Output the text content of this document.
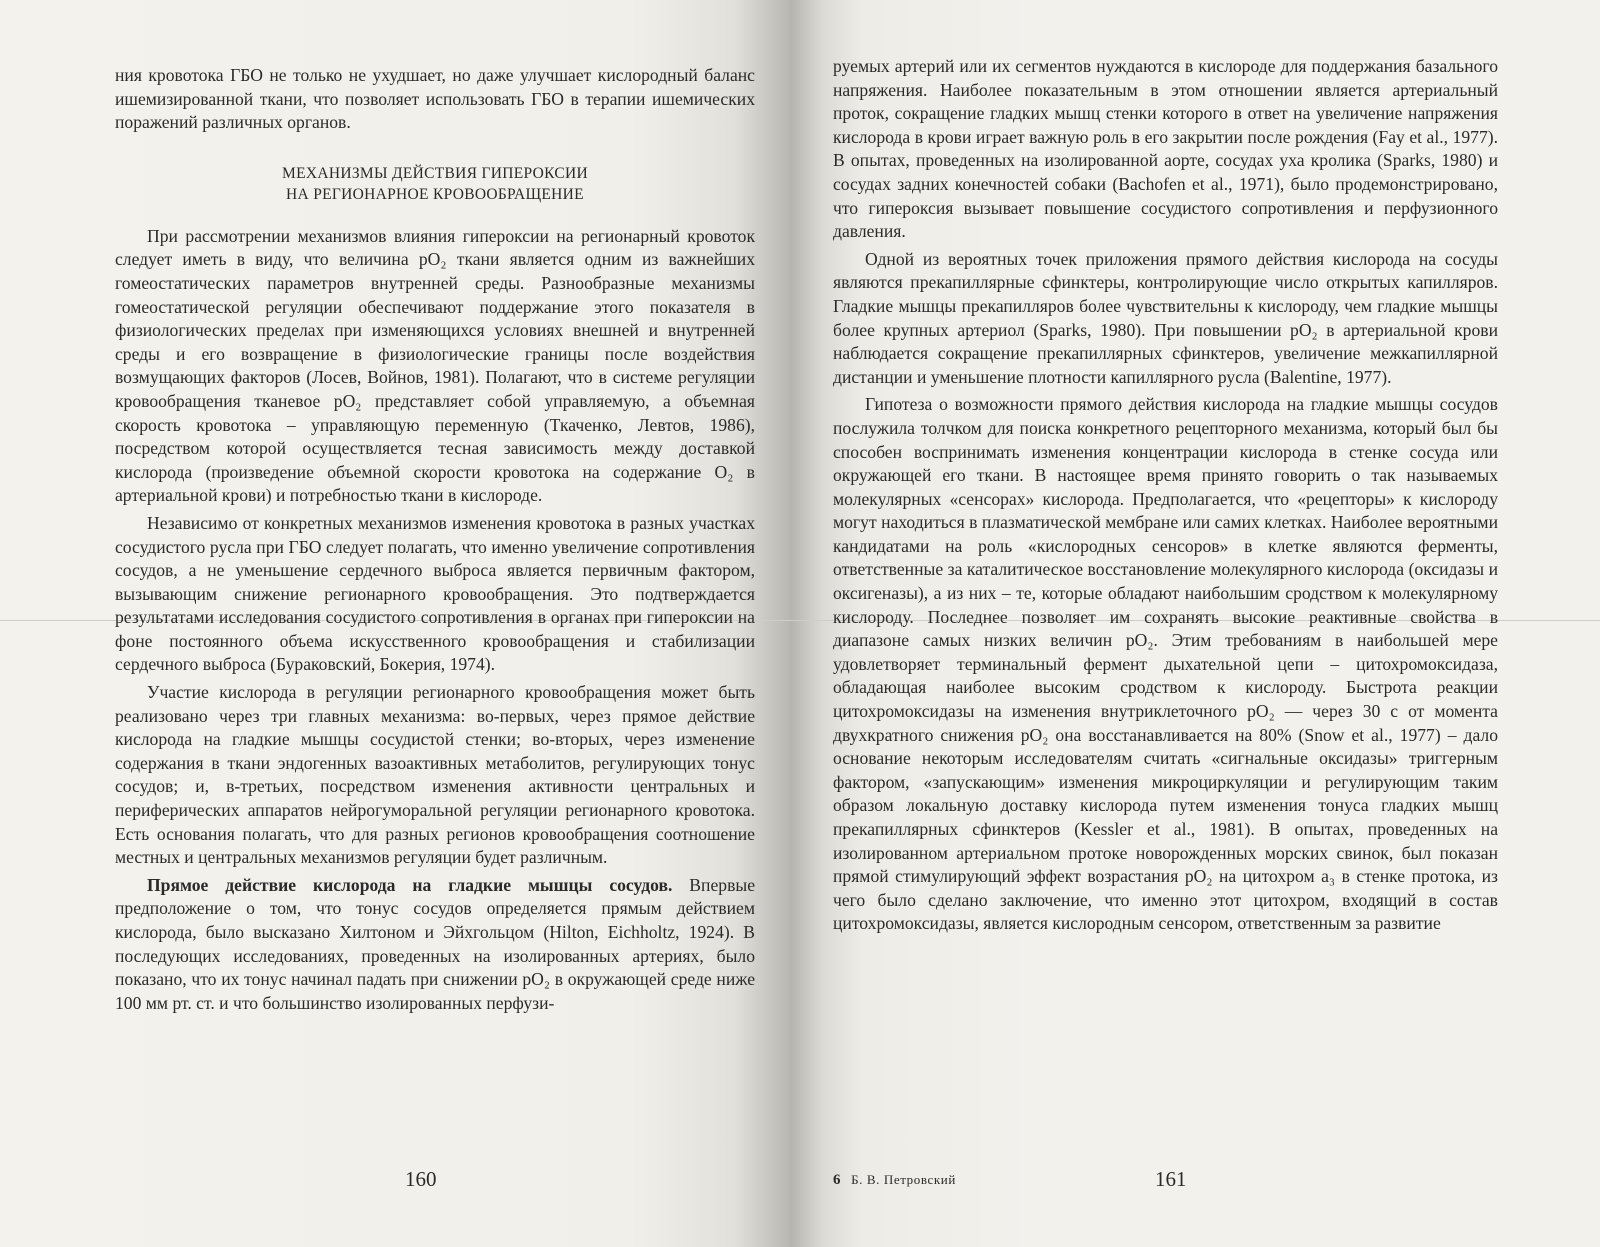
ния кровотока ГБО не только не ухудшает, но даже улучшает кислородный баланс ишемизированной ткани, что позволяет использовать ГБО в терапии ишемических поражений различных органов.

МЕХАНИЗМЫ ДЕЙСТВИЯ ГИПЕРОКСИИ
НА РЕГИОНАРНОЕ КРОВООБРАЩЕНИЕ

При рассмотрении механизмов влияния гипероксии на регионарный кровоток следует иметь в виду, что величина pO₂ ткани является одним из важнейших гомеостатических параметров внутренней среды. Разнообразные механизмы гомеостатической регуляции обеспечивают поддержание этого показателя в физиологических пределах при изменяющихся условиях внешней и внутренней среды и его возвращение в физиологические границы после воздействия возмущающих факторов (Лосев, Войнов, 1981). Полагают, что в системе регуляции кровообращения тканевое pO₂ представляет собой управляемую, а объемная скорость кровотока – управляющую переменную (Ткаченко, Левтов, 1986), посредством которой осуществляется тесная зависимость между доставкой кислорода (произведение объемной скорости кровотока на содержание O₂ в артериальной крови) и потребностью ткани в кислороде.

Независимо от конкретных механизмов изменения кровотока в разных участках сосудистого русла при ГБО следует полагать, что именно увеличение сопротивления сосудов, а не уменьшение сердечного выброса является первичным фактором, вызывающим снижение регионарного кровообращения. Это подтверждается результатами исследования сосудистого сопротивления в органах при гипероксии на фоне постоянного объема искусственного кровообращения и стабилизации сердечного выброса (Бураковский, Бокерия, 1974).

Участие кислорода в регуляции регионарного кровообращения может быть реализовано через три главных механизма: во-первых, через прямое действие кислорода на гладкие мышцы сосудистой стенки; во-вторых, через изменение содержания в ткани эндогенных вазоактивных метаболитов, регулирующих тонус сосудов; и, в-третьих, посредством изменения активности центральных и периферических аппаратов нейрогуморальной регуляции регионарного кровотока. Есть основания полагать, что для разных регионов кровообращения соотношение местных и центральных механизмов регуляции будет различным.

Прямое действие кислорода на гладкие мышцы сосудов. Впервые предположение о том, что тонус сосудов определяется прямым действием кислорода, было высказано Хилтоном и Эйхгольцом (Hilton, Eichholtz, 1924). В последующих исследованиях, проведенных на изолированных артериях, было показано, что их тонус начинал падать при снижении pO₂ в окружающей среде ниже 100 мм рт. ст. и что большинство изолированных перфузи-

160

руемых артерий или их сегментов нуждаются в кислороде для поддержания базального напряжения. Наиболее показательным в этом отношении является артериальный проток, сокращение гладких мышц стенки которого в ответ на увеличение напряжения кислорода в крови играет важную роль в его закрытии после рождения (Fay et al., 1977). В опытах, проведенных на изолированной аорте, сосудах уха кролика (Sparks, 1980) и сосудах задних конечностей собаки (Bachofen et al., 1971), было продемонстрировано, что гипероксия вызывает повышение сосудистого сопротивления и перфузионного давления.

Одной из вероятных точек приложения прямого действия кислорода на сосуды являются прекапиллярные сфинктеры, контролирующие число открытых капилляров. Гладкие мышцы прекапилляров более чувствительны к кислороду, чем гладкие мышцы более крупных артериол (Sparks, 1980). При повышении pO₂ в артериальной крови наблюдается сокращение прекапиллярных сфинктеров, увеличение межкапиллярной дистанции и уменьшение плотности капиллярного русла (Balentine, 1977).

Гипотеза о возможности прямого действия кислорода на гладкие мышцы сосудов послужила толчком для поиска конкретного рецепторного механизма, который был бы способен воспринимать изменения концентрации кислорода в стенке сосуда или окружающей его ткани. В настоящее время принято говорить о так называемых молекулярных «сенсорах» кислорода. Предполагается, что «рецепторы» к кислороду могут находиться в плазматической мембране или самих клетках. Наиболее вероятными кандидатами на роль «кислородных сенсоров» в клетке являются ферменты, ответственные за каталитическое восстановление молекулярного кислорода (оксидазы и оксигеназы), а из них – те, которые обладают наибольшим сродством к молекулярному кислороду. Последнее позволяет им сохранять высокие реактивные свойства в диапазоне самых низких величин pO₂. Этим требованиям в наибольшей мере удовлетворяет терминальный фермент дыхательной цепи – цитохромоксидаза, обладающая наиболее высоким сродством к кислороду. Быстрота реакции цитохромоксидазы на изменения внутриклеточного pO₂ — через 30 с от момента двухкратного снижения pO₂ она восстанавливается на 80% (Snow et al., 1977) – дало основание некоторым исследователям считать «сигнальные оксидазы» триггерным фактором, «запускающим» изменения микроциркуляции и регулирующим таким образом локальную доставку кислорода путем изменения тонуса гладких мышц прекапиллярных сфинктеров (Kessler et al., 1981). В опытах, проведенных на изолированном артериальном протоке новорожденных морских свинок, был показан прямой стимулирующий эффект возрастания pO₂ на цитохром a₃ в стенке протока, из чего было сделано заключение, что именно этот цитохром, входящий в состав цитохромоксидазы, является кислородным сенсором, ответственным за развитие

6 Б. В. Петровский	161
